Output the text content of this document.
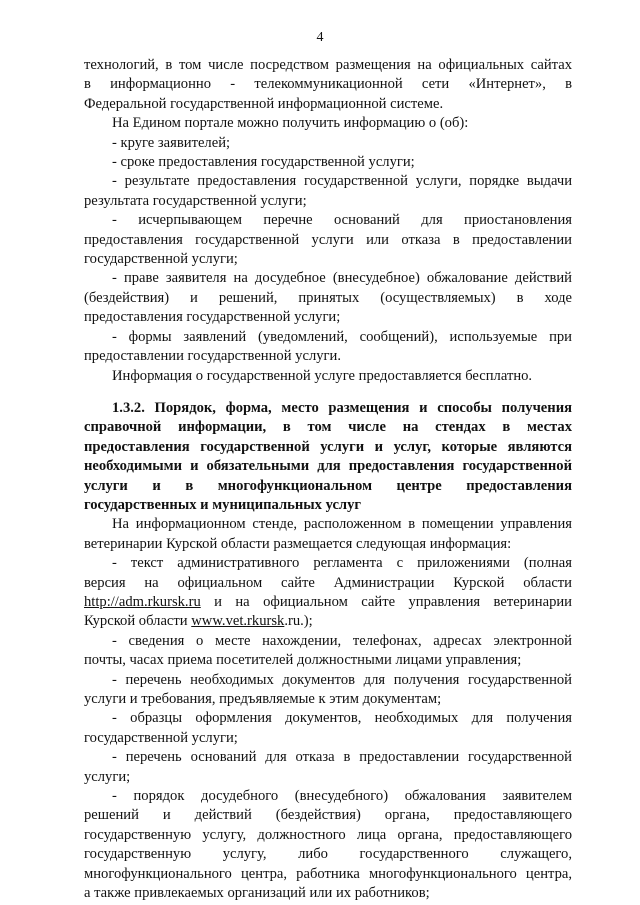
4

технологий, в том числе посредством размещения на официальных сайтах

в информационно - телекоммуникационной сети «Интернет», в

Федеральной государственной информационной системе.

На Едином портале можно получить информацию о (об):

- круге заявителей;

- сроке предоставления государственной услуги;

- результате предоставления государственной услуги, порядке выдачи

результата государственной услуги;

- исчерпывающем перечне оснований для приостановления

предоставления государственной услуги или отказа в предоставлении

государственной услуги;

- праве заявителя на досудебное (внесудебное) обжалование действий

(бездействия) и решений, принятых (осуществляемых) в ходе

предоставления государственной услуги;

- формы заявлений (уведомлений, сообщений), используемые при

предоставлении государственной услуги.

Информация о государственной услуге предоставляется бесплатно.

1.3.2. Порядок, форма, место размещения и способы получения

справочной информации, в том числе на стендах в местах

предоставления государственной услуги и услуг, которые являются

необходимыми и обязательными для предоставления государственной

услуги и в многофункциональном центре предоставления

государственных и муниципальных услуг

На информационном стенде, расположенном в помещении управления

ветеринарии Курской области размещается следующая информация:

- текст административного регламента с приложениями (полная

версия на официальном сайте Администрации Курской области

http://adm.rkursk.ru и на официальном сайте управления ветеринарии

Курской области www.vet.rkursk.ru.);

- сведения о месте нахождении, телефонах, адресах электронной

почты, часах приема посетителей должностными лицами управления;

- перечень необходимых документов для получения государственной

услуги и требования, предъявляемые к этим документам;

- образцы оформления документов, необходимых для получения

государственной услуги;

- перечень оснований для отказа в предоставлении государственной

услуги;

- порядок досудебного (внесудебного) обжалования заявителем

решений и действий (бездействия) органа, предоставляющего

государственную услугу, должностного лица органа, предоставляющего

государственную услугу, либо государственного служащего,

многофункционального центра, работника многофункционального центра,

а также привлекаемых организаций или их работников;
